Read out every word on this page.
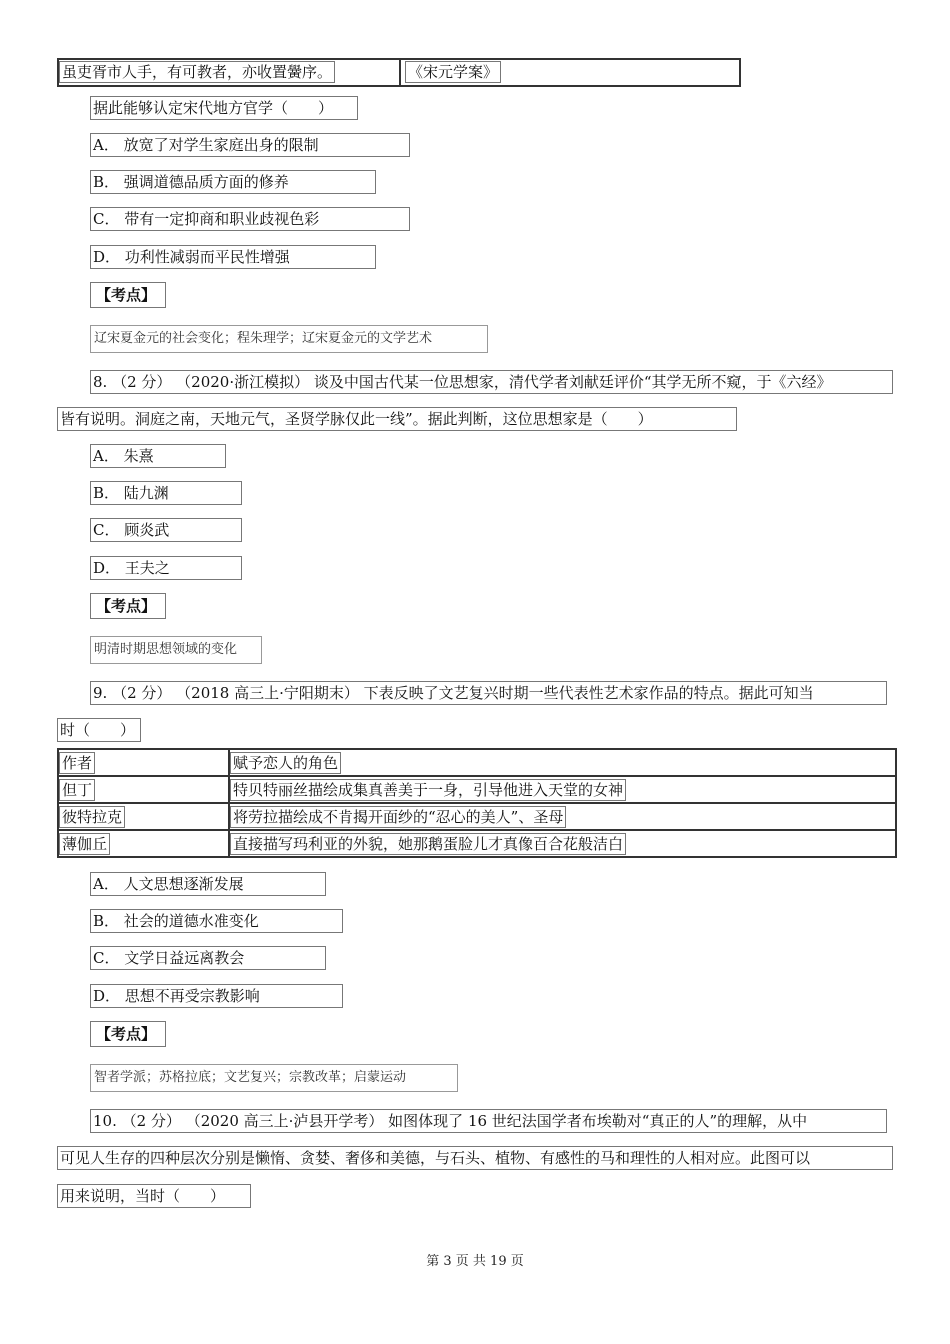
虽吏胥市人手，有可教者，亦收置黌序。	《宋元学案》
据此能够认定宋代地方官学（　　）
A． 放宽了对学生家庭出身的限制
B． 强调道德品质方面的修养
C． 带有一定抑商和职业歧视色彩
D． 功利性减弱而平民性增强
【考点】
辽宋夏金元的社会变化；程朱理学；辽宋夏金元的文学艺术
8. （2 分） （2020·浙江模拟） 谈及中国古代某一位思想家，清代学者刘献廷评价“其学无所不窥，于《六经》
皆有说明。洞庭之南，天地元气，圣贤学脉仅此一线”。据此判断，这位思想家是（　　）
A． 朱熹
B． 陆九渊
C． 顾炎武
D． 王夫之
【考点】
明清时期思想领域的变化
9. （2 分） （2018 高三上·宁阳期末） 下表反映了文艺复兴时期一些代表性艺术家作品的特点。据此可知当
时（　　）
作者	赋予恋人的角色
但丁	特贝特丽丝描绘成集真善美于一身，引导他进入天堂的女神
彼特拉克	将劳拉描绘成不肯揭开面纱的“忍心的美人”、圣母
薄伽丘	直接描写玛利亚的外貌，她那鹅蛋脸儿才真像百合花般洁白
A． 人文思想逐渐发展
B． 社会的道德水准变化
C． 文学日益远离教会
D． 思想不再受宗教影响
【考点】
智者学派；苏格拉底；文艺复兴；宗教改革；启蒙运动
10. （2 分） （2020 高三上·泸县开学考） 如图体现了 16 世纪法国学者布埃勒对“真正的人”的理解，从中
可见人生存的四种层次分别是懒惰、贪婪、奢侈和美德，与石头、植物、有感性的马和理性的人相对应。此图可以
用来说明，当时（　　）
第 3 页 共 19 页
